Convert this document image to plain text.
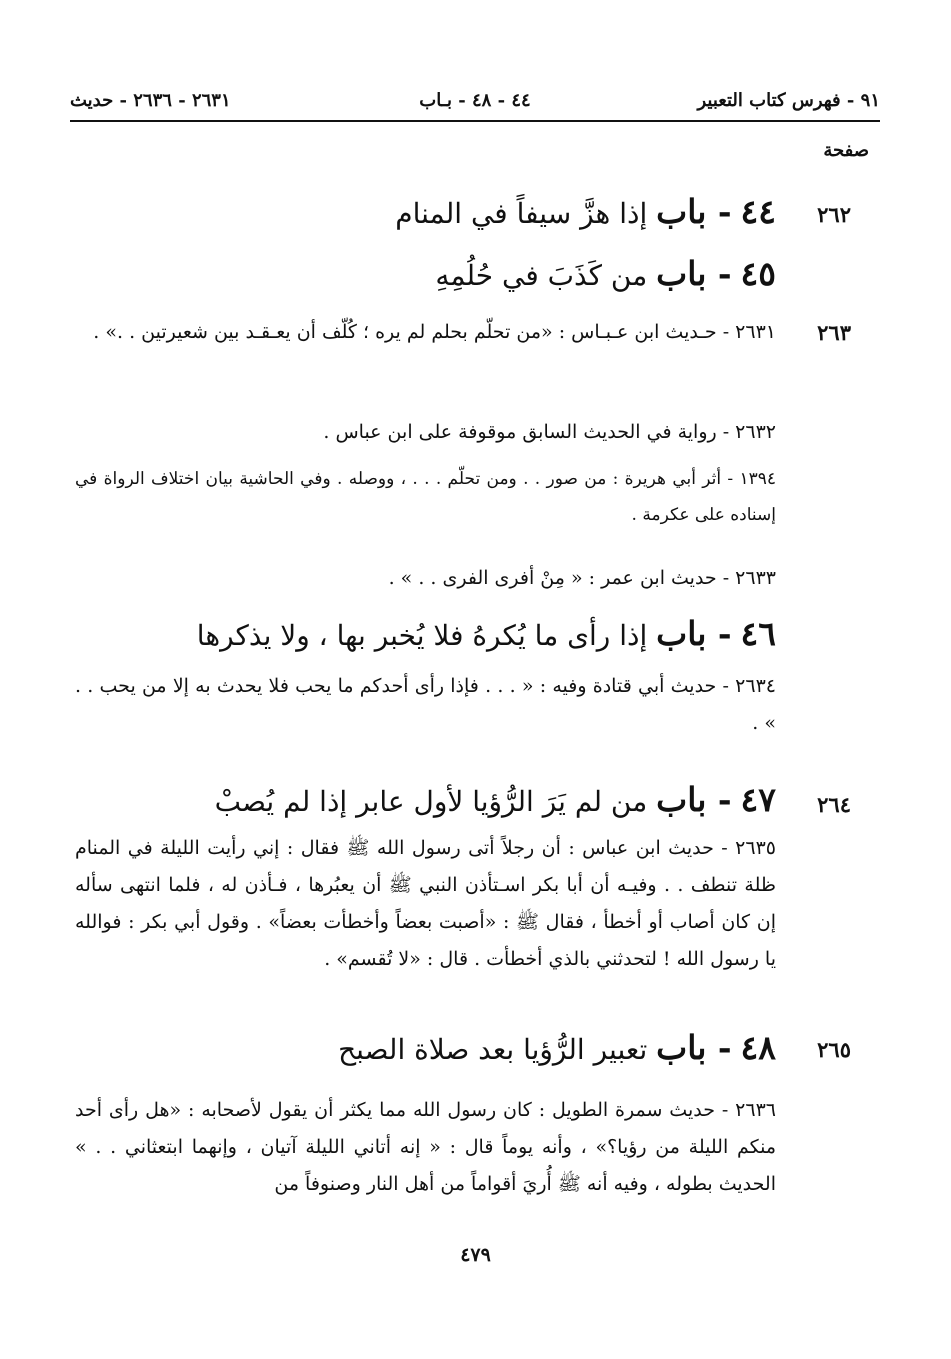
٩١ - فهرس كتاب التعبير
٤٤ - ٤٨ - بـاب
٢٦٣١ - ٢٦٣٦ - حديث
صفحة
٢٦٢
٢٦٣
٢٦٤
٢٦٥
٤٤ - باب إذا هزَّ سيفاً في المنام
٤٥ - باب من كَذَبَ في حُلُمِهِ
٢٦٣١ - حـديث ابن عـبـاس : «من تحلّم بحلم لم يره ؛ كُلّف أن يعـقـد بين شعيرتين . .» .
٢٦٣٢ - رواية في الحديث السابق موقوفة على ابن عباس .
١٣٩٤ - أثر أبي هريرة : من صور . . ومن تحلّم . . . ، ووصله . وفي الحاشية بيان اختلاف الرواة في إسناده على عكرمة .
٢٦٣٣ - حديث ابن عمر : « مِنْ أفرى الفرى . . » .
٤٦ - باب إذا رأى ما يُكرهُ فلا يُخبر بها ، ولا يذكرها
٢٦٣٤ - حديث أبي قتادة وفيه : « . . . فإذا رأى أحدكم ما يحب فلا يحدث به إلا من يحب . . » .
٤٧ - باب من لم يَرَ الرُّؤيا لأول عابر إذا لم يُصبْ
٢٦٣٥ - حديث ابن عباس : أن رجلاً أتى رسول الله ﷺ فقال : إني رأيت الليلة في المنام ظلة تنطف . . وفيـه أن أبا بكر اسـتأذن النبي ﷺ أن يعبُرها ، فـأذن له ، فلما انتهى سأله إن كان أصاب أو أخطأ ، فقال ﷺ : «أصبت بعضاً وأخطأت بعضاً» . وقول أبي بكر : فوالله يا رسول الله ! لتحدثني بالذي أخطأت . قال : «لا تُقسم» .
٤٨ - باب تعبير الرُّؤيا بعد صلاة الصبح
٢٦٣٦ - حديث سمرة الطويل : كان رسول الله مما يكثر أن يقول لأصحابه : «هل رأى أحد منكم الليلة من رؤيا؟» ، وأنه يوماً قال : « إنه أتاني الليلة آتيان ، وإنهما ابتعثاني . . » الحديث بطوله ، وفيه أنه ﷺ أُريَ أقواماً من أهل النار وصنوفاً من
٤٧٩
